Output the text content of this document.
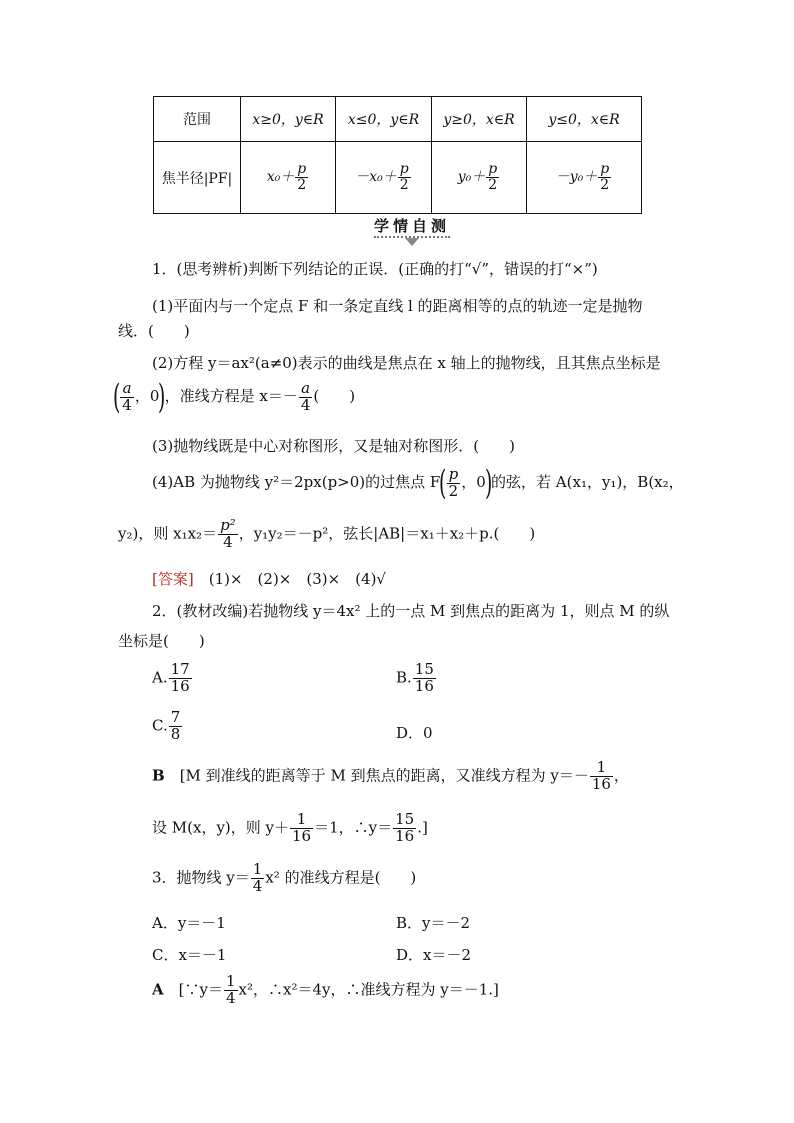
范围	x≥0，y∈R	x≤0，y∈R	y≥0，x∈R	y≤0，x∈R
焦半径|PF|	$x_0+ \frac{p}{2}$	$-x_0+ \frac{p}{2}$	$y_0+ \frac{p}{2}$	$-y_0+ \frac{p}{2}$
学情自测
1．(思考辨析)判断下列结论的正误．(正确的打“√”，错误的打“×”)
(1)平面内与一个定点 F 和一条定直线 l 的距离相等的点的轨迹一定是抛物
线．(　　)
(2)方程 y＝ax²(a≠0)表示的曲线是焦点在 x 轴上的抛物线，且其焦点坐标是
( $\frac{a}{4}$ ，0)，准线方程是 $x=- \frac{a}{4}$ (　　)
(3)抛物线既是中心对称图形，又是轴对称图形．(　　)
(4)AB 为抛物线 y²＝2px(p>0)的过焦点 $F( \frac{p}{2}$ ，0)的弦，若 A(x₁，y₁)，B(x₂，
y₂)，则 $x_1x_2= \frac{\text{p²}}{4}$ ，y₁y₂＝－p²，弦长|AB|＝x₁＋x₂＋p.(　　)
[答案]　 (1)×　(2)×　(3)×　(4)√
2．(教材改编)若抛物线 y＝4x² 上的一点 M 到焦点的距离为 1，则点 M 的纵
坐标是(　　)
A. $\frac{17}{16}$	B. $\frac{15}{16}$
C. $\frac{7}{8}$	D．0
B　 [M 到准线的距离等于 M 到焦点的距离，又准线方程为 $y=- \frac{1}{16}$ ，
设 M(x，y)，则 $y+ \frac{1}{16} =1$，∴y＝ $\frac{15}{16}$ .]
3．抛物线 $y= \frac{1}{4} x^2$ 的准线方程是(　　)
A．y＝－1	B．y＝－2
C．x＝－1	D．x＝－2
A　 [∵y＝ $\frac{1}{4} x^2$，∴x²＝4y，∴准线方程为 y＝－1.]
